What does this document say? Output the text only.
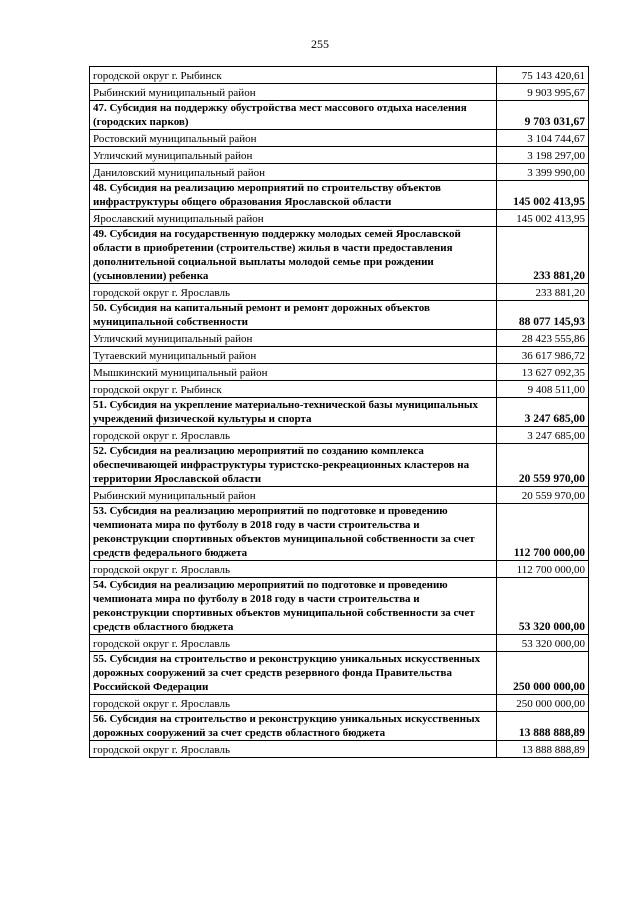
255
городской округ г. Рыбинск	75 143 420,61
Рыбинский муниципальный район	9 903 995,67
47. Субсидия на поддержку обустройства мест массового отдыха населения (городских парков)	9 703 031,67
Ростовский муниципальный район	3 104 744,67
Угличский муниципальный район	3 198 297,00
Даниловский муниципальный район	3 399 990,00
48. Субсидия на реализацию мероприятий по строительству объектов инфраструктуры общего образования Ярославской области	145 002 413,95
Ярославский муниципальный район	145 002 413,95
49. Субсидия на государственную поддержку молодых семей Ярославской области в приобретении (строительстве) жилья в части предоставления дополнительной социальной выплаты молодой семье при рождении (усыновлении) ребенка	233 881,20
городской округ г. Ярославль	233 881,20
50. Субсидия на капитальный ремонт и ремонт дорожных объектов муниципальной собственности	88 077 145,93
Угличский муниципальный район	28 423 555,86
Тутаевский муниципальный район	36 617 986,72
Мышкинский муниципальный район	13 627 092,35
городской округ г. Рыбинск	9 408 511,00
51. Субсидия на укрепление материально-технической базы муниципальных учреждений физической культуры и спорта	3 247 685,00
городской округ г. Ярославль	3 247 685,00
52. Субсидия на реализацию мероприятий по созданию комплекса обеспечивающей инфраструктуры туристско-рекреационных кластеров на территории Ярославской области	20 559 970,00
Рыбинский муниципальный район	20 559 970,00
53. Субсидия на реализацию мероприятий по подготовке и проведению чемпионата мира по футболу в 2018 году в части строительства и реконструкции спортивных объектов муниципальной собственности за счет средств федерального бюджета	112 700 000,00
городской округ г. Ярославль	112 700 000,00
54. Субсидия на реализацию мероприятий по подготовке и проведению чемпионата мира по футболу в 2018 году в части строительства и реконструкции спортивных объектов муниципальной собственности за счет средств областного бюджета	53 320 000,00
городской округ г. Ярославль	53 320 000,00
55. Субсидия на строительство и реконструкцию уникальных искусственных дорожных сооружений за счет средств резервного фонда Правительства Российской Федерации	250 000 000,00
городской округ г. Ярославль	250 000 000,00
56. Субсидия на строительство и реконструкцию уникальных искусственных дорожных сооружений за счет средств областного бюджета	13 888 888,89
городской округ г. Ярославль	13 888 888,89
